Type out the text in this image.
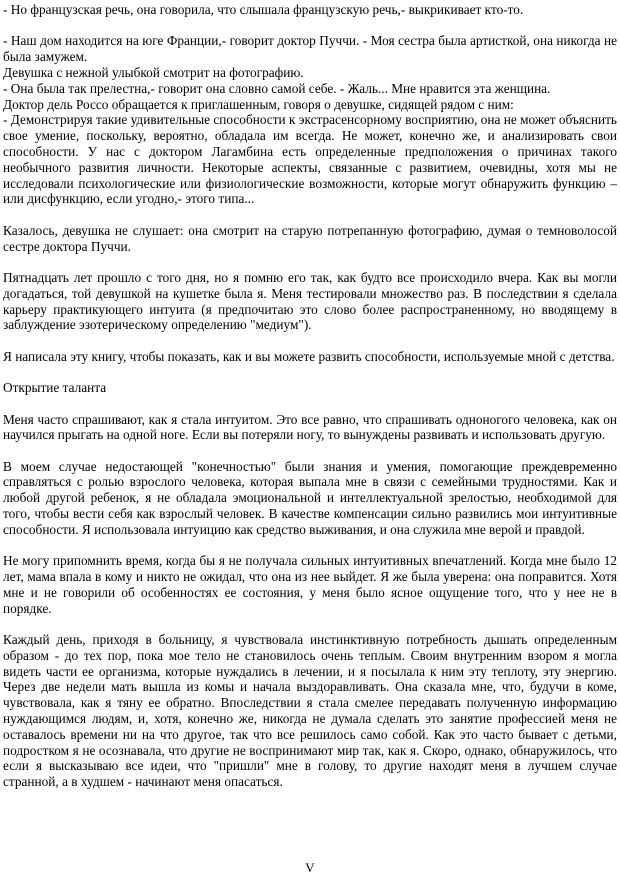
- Но французская речь, она говорила, что слышала французскую речь,- выкрикивает кто-то.

- Наш дом находится на юге Франции,- говорит доктор Пуччи. - Моя сестра была артисткой, она никогда не была замужем.

Девушка с нежной улыбкой смотрит на фотографию.

- Она была так прелестна,- говорит она словно самой себе. - Жаль... Мне нравится эта женщина.

Доктор дель Россо обращается к приглашенным, говоря о девушке, сидящей рядом с ним:

- Демонстрируя такие удивительные способности к экстрасенсорному восприятию, она не может объяснить свое умение, поскольку, вероятно, обладала им всегда. Не может, конечно же, и анализировать свои способности. У нас с доктором Лагамбина есть определенные предположения о причинах такого необычного развития личности. Некоторые аспекты, связанные с развитием, очевидны, хотя мы не исследовали психологические или физиологические возможности, которые могут обнаружить функцию – или дисфункцию, если угодно,- этого типа...

Казалось, девушка не слушает: она смотрит на старую потрепанную фотографию, думая о темноволосой сестре доктора Пуччи.

Пятнадцать лет прошло с того дня, но я помню его так, как будто все происходило вчера. Как вы могли догадаться, той девушкой на кушетке была я. Меня тестировали множество раз. В последствии я сделала карьеру практикующего интуита (я предпочитаю это слово более распространенному, но вводящему в заблуждение эзотерическому определению "медиум").

Я написала эту книгу, чтобы показать, как и вы можете развить способности, используемые мной с детства.

Открытие таланта

Меня часто спрашивают, как я стала интуитом. Это все равно, что спрашивать одноногого человека, как он научился прыгать на одной ноге. Если вы потеряли ногу, то вынуждены развивать и использовать другую.

В моем случае недостающей "конечностью" были знания и умения, помогающие преждевременно справляться с ролью взрослого человека, которая выпала мне в связи с семейными трудностями. Как и любой другой ребенок, я не обладала эмоциональной и интеллектуальной зрелостью, необходимой для того, чтобы вести себя как взрослый человек. В качестве компенсации сильно развились мои интуитивные способности. Я использовала интуицию как средство выживания, и она служила мне верой и правдой.

Не могу припомнить время, когда бы я не получала сильных интуитивных впечатлений. Когда мне было 12 лет, мама впала в кому и никто не ожидал, что она из нее выйдет. Я же была уверена: она поправится. Хотя мне и не говорили об особенностях ее состояния, у меня было ясное ощущение того, что у нее не в порядке.

Каждый день, приходя в больницу, я чувствовала инстинктивную потребность дышать определенным образом - до тех пор, пока мое тело не становилось очень теплым. Своим внутренним взором я могла видеть части ее организма, которые нуждались в лечении, и я посылала к ним эту теплоту, эту энергию. Через две недели мать вышла из комы и начала выздоравливать. Она сказала мне, что, будучи в коме, чувствовала, как я тяну ее обратно. Впоследствии я стала смелее передавать полученную информацию нуждающимся людям, и, хотя, конечно же, никогда не думала сделать это занятие профессией меня не оставалось времени ни на что другое, так что все решилось само собой. Как это часто бывает с детьми, подростком я не осознавала, что другие не воспринимают мир так, как я. Скоро, однако, обнаружилось, что если я высказываю все идеи, что "пришли" мне в голову, то другие находят меня в лучшем случае странной, а в худшем - начинают меня опасаться.

V
